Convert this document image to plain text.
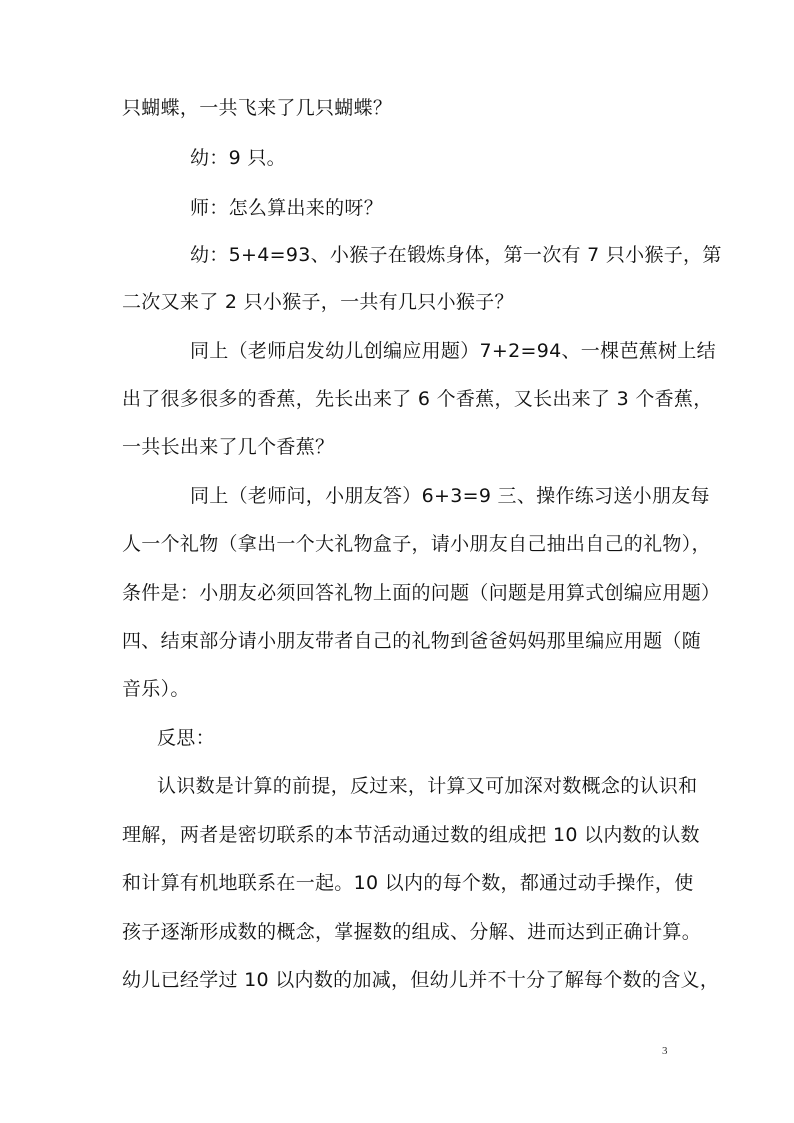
只蝴蝶，一共飞来了几只蝴蝶？
幼：9 只。
师：怎么算出来的呀？
幼：5+4=93、小猴子在锻炼身体，第一次有 7 只小猴子，第
二次又来了 2 只小猴子，一共有几只小猴子？
同上（老师启发幼儿创编应用题）7+2=94、一棵芭蕉树上结
出了很多很多的香蕉，先长出来了 6 个香蕉，又长出来了 3 个香蕉，
一共长出来了几个香蕉？
同上（老师问，小朋友答）6+3=9 三、操作练习送小朋友每
人一个礼物（拿出一个大礼物盒子，请小朋友自己抽出自己的礼物），
条件是：小朋友必须回答礼物上面的问题（问题是用算式创编应用题）
四、结束部分请小朋友带者自己的礼物到爸爸妈妈那里编应用题（随
音乐）。
反思：
认识数是计算的前提，反过来，计算又可加深对数概念的认识和
理解，两者是密切联系的本节活动通过数的组成把 10 以内数的认数
和计算有机地联系在一起。10 以内的每个数，都通过动手操作，使
孩子逐渐形成数的概念，掌握数的组成、分解、进而达到正确计算。
幼儿已经学过 10 以内数的加减，但幼儿并不十分了解每个数的含义，
3
